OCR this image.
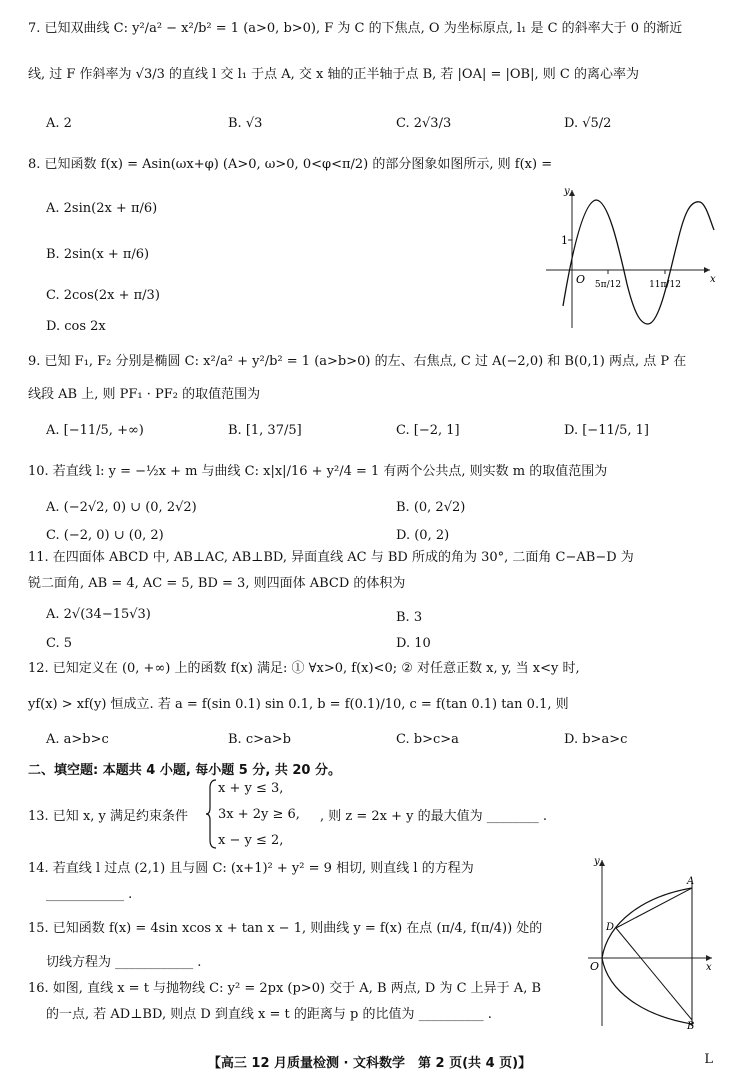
7. 已知双曲线 C: y²/a² − x²/b² = 1 (a>0, b>0), F 为 C 的下焦点, O 为坐标原点, l₁ 是 C 的斜率大于 0 的渐近
线, 过 F 作斜率为 √3/3 的直线 l 交 l₁ 于点 A, 交 x 轴的正半轴于点 B, 若 |OA| = |OB|, 则 C 的离心率为
A. 2	B. √3	C. 2√3/3	D. √5/2
8. 已知函数 f(x) = Asin(ωx+φ) (A>0, ω>0, 0<φ<π/2) 的部分图象如图所示, 则 f(x) =
A. 2sin(2x + π/6)
B. 2sin(x + π/6)
C. 2cos(2x + π/3)
D. cos 2x
y
x
O
1
5π/12	11π/12
9. 已知 F₁, F₂ 分别是椭圆 C: x²/a² + y²/b² = 1 (a>b>0) 的左、右焦点, C 过 A(−2,0) 和 B(0,1) 两点, 点 P 在
线段 AB 上, 则 PF₁ · PF₂ 的取值范围为
A. [−11/5, +∞)	B. [1, 37/5]	C. [−2, 1]	D. [−11/5, 1]
10. 若直线 l: y = −½x + m 与曲线 C: x|x|/16 + y²/4 = 1 有两个公共点, 则实数 m 的取值范围为
A. (−2√2, 0) ∪ (0, 2√2)	B. (0, 2√2)
C. (−2, 0) ∪ (0, 2)	D. (0, 2)
11. 在四面体 ABCD 中, AB⊥AC, AB⊥BD, 异面直线 AC 与 BD 所成的角为 30°, 二面角 C−AB−D 为
锐二面角, AB = 4, AC = 5, BD = 3, 则四面体 ABCD 的体积为
A. 2√(34−15√3)	B. 3
C. 5	D. 10
12. 已知定义在 (0, +∞) 上的函数 f(x) 满足: ① ∀x>0, f(x)<0; ② 对任意正数 x, y, 当 x<y 时,
yf(x) > xf(y) 恒成立. 若 a = f(sin 0.1) sin 0.1, b = f(0.1)/10, c = f(tan 0.1) tan 0.1, 则
A. a>b>c	B. c>a>b	C. b>c>a	D. b>a>c
二、填空题: 本题共 4 小题, 每小题 5 分, 共 20 分。
13. 已知 x, y 满足约束条件
x + y ≤ 3,
3x + 2y ≥ 6,
x − y ≤ 2,
, 则 z = 2x + y 的最大值为 ________ .
14. 若直线 l 过点 (2,1) 且与圆 C: (x+1)² + y² = 9 相切, 则直线 l 的方程为
____________ .
15. 已知函数 f(x) = 4sin xcos x + tan x − 1, 则曲线 y = f(x) 在点 (π/4, f(π/4)) 处的
切线方程为 ____________ .
16. 如图, 直线 x = t 与抛物线 C: y² = 2px (p>0) 交于 A, B 两点, D 为 C 上异于 A, B
的一点, 若 AD⊥BD, 则点 D 到直线 x = t 的距离与 p 的比值为 __________ .
y
x
O
A
B
D
【高三 12 月质量检测 · 文科数学　第 2 页(共 4 页)】	L
